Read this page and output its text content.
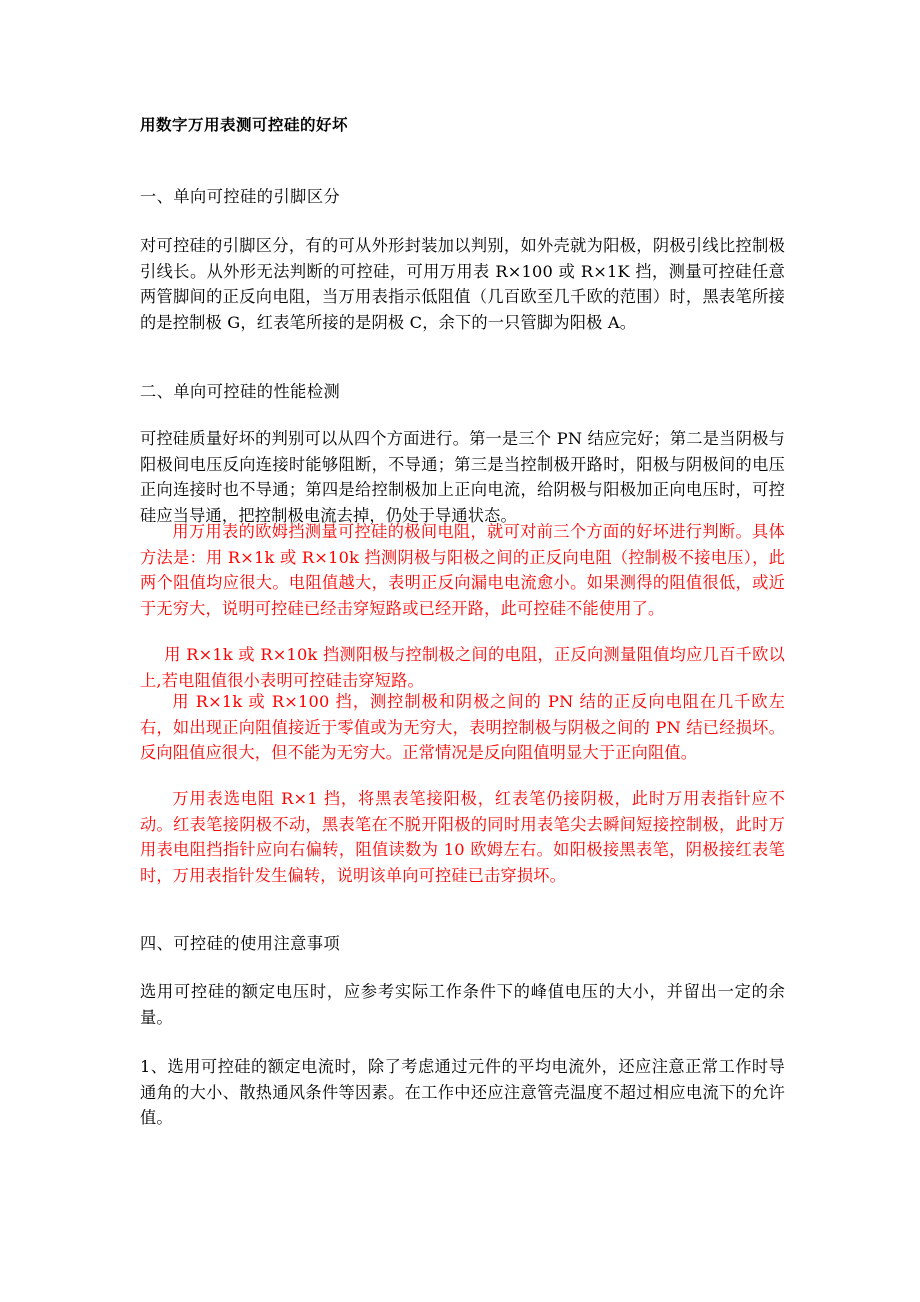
用数字万用表测可控硅的好坏

一、单向可控硅的引脚区分

对可控硅的引脚区分，有的可从外形封装加以判别，如外壳就为阳极，阴极引线比控制极引线长。从外形无法判断的可控硅，可用万用表 R×100 或 R×1K 挡，测量可控硅任意两管脚间的正反向电阻，当万用表指示低阻值（几百欧至几千欧的范围）时，黑表笔所接的是控制极 G，红表笔所接的是阴极 C，余下的一只管脚为阳极 A。

二、单向可控硅的性能检测

可控硅质量好坏的判别可以从四个方面进行。第一是三个 PN 结应完好；第二是当阴极与阳极间电压反向连接时能够阻断，不导通；第三是当控制极开路时，阳极与阴极间的电压正向连接时也不导通；第四是给控制极加上正向电流，给阴极与阳极加正向电压时，可控硅应当导通，把控制极电流去掉，仍处于导通状态。

用万用表的欧姆挡测量可控硅的极间电阻，就可对前三个方面的好坏进行判断。具体方法是：用 R×1k 或 R×10k 挡测阴极与阳极之间的正反向电阻（控制极不接电压），此两个阻值均应很大。电阻值越大，表明正反向漏电电流愈小。如果测得的阻值很低，或近于无穷大，说明可控硅已经击穿短路或已经开路，此可控硅不能使用了。

用 R×1k 或 R×10k 挡测阳极与控制极之间的电阻，正反向测量阻值均应几百千欧以上,若电阻值很小表明可控硅击穿短路。

用 R×1k 或 R×100 挡，测控制极和阴极之间的 PN 结的正反向电阻在几千欧左右，如出现正向阻值接近于零值或为无穷大，表明控制极与阴极之间的 PN 结已经损坏。反向阻值应很大，但不能为无穷大。正常情况是反向阻值明显大于正向阻值。

万用表选电阻 R×1 挡，将黑表笔接阳极，红表笔仍接阴极，此时万用表指针应不动。红表笔接阴极不动，黑表笔在不脱开阳极的同时用表笔尖去瞬间短接控制极，此时万用表电阻挡指针应向右偏转，阻值读数为 10 欧姆左右。如阳极接黑表笔，阴极接红表笔时，万用表指针发生偏转，说明该单向可控硅已击穿损坏。

四、可控硅的使用注意事项

选用可控硅的额定电压时，应参考实际工作条件下的峰值电压的大小，并留出一定的余量。

1、选用可控硅的额定电流时，除了考虑通过元件的平均电流外，还应注意正常工作时导通角的大小、散热通风条件等因素。在工作中还应注意管壳温度不超过相应电流下的允许值。
